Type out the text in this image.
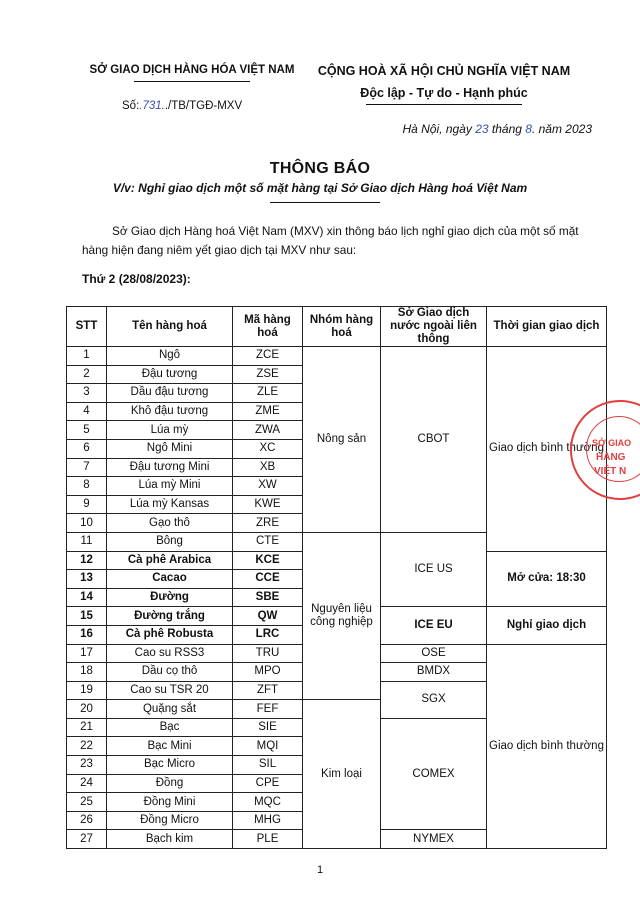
SỞ GIAO DỊCH HÀNG HÓA VIỆT NAM	CỘNG HOÀ XÃ HỘI CHỦ NGHĨA VIỆT NAM
Độc lập - Tự do - Hạnh phúc
Số:.731../TB/TGĐ-MXV
Hà Nội, ngày 23 tháng 8. năm 2023
THÔNG BÁO
V/v: Nghỉ giao dịch một số mặt hàng tại Sở Giao dịch Hàng hoá Việt Nam
Sở Giao dịch Hàng hoá Việt Nam (MXV) xin thông báo lịch nghỉ giao dịch của một số mặt hàng hiện đang niêm yết giao dịch tại MXV như sau:
Thứ 2 (28/08/2023):
STT	Tên hàng hoá	Mã hàng hoá	Nhóm hàng hoá	Sở Giao dịch nước ngoài liên thông	Thời gian giao dịch
1	Ngô	ZCE	Nông sản	CBOT	Giao dịch bình thường
2	Đậu tương	ZSE			
3	Dầu đậu tương	ZLE			
4	Khô đậu tương	ZME			
5	Lúa mỳ	ZWA			
6	Ngô Mini	XC			
7	Đậu tương Mini	XB			
8	Lúa mỳ Mini	XW			
9	Lúa mỳ Kansas	KWE			
10	Gạo thô	ZRE			
11	Bông	CTE	Nguyên liệu công nghiệp	ICE US	
12	Cà phê Arabica	KCE			Mở cửa: 18:30
13	Cacao	CCE			
14	Đường	SBE			
15	Đường trắng	QW		ICE EU	Nghỉ giao dịch
16	Cà phê Robusta	LRC			
17	Cao su RSS3	TRU		OSE	Giao dịch bình thường
18	Dầu cọ thô	MPO		BMDX	
19	Cao su TSR 20	ZFT		SGX	
20	Quặng sắt	FEF	Kim loại		
21	Bạc	SIE		COMEX	
22	Bạc Mini	MQI			
23	Bạc Micro	SIL			
24	Đồng	CPE			
25	Đồng Mini	MQC			
26	Đồng Micro	MHG			
27	Bạch kim	PLE		NYMEX	
SỞ GIAO
HÀNG
VIỆT N
1
